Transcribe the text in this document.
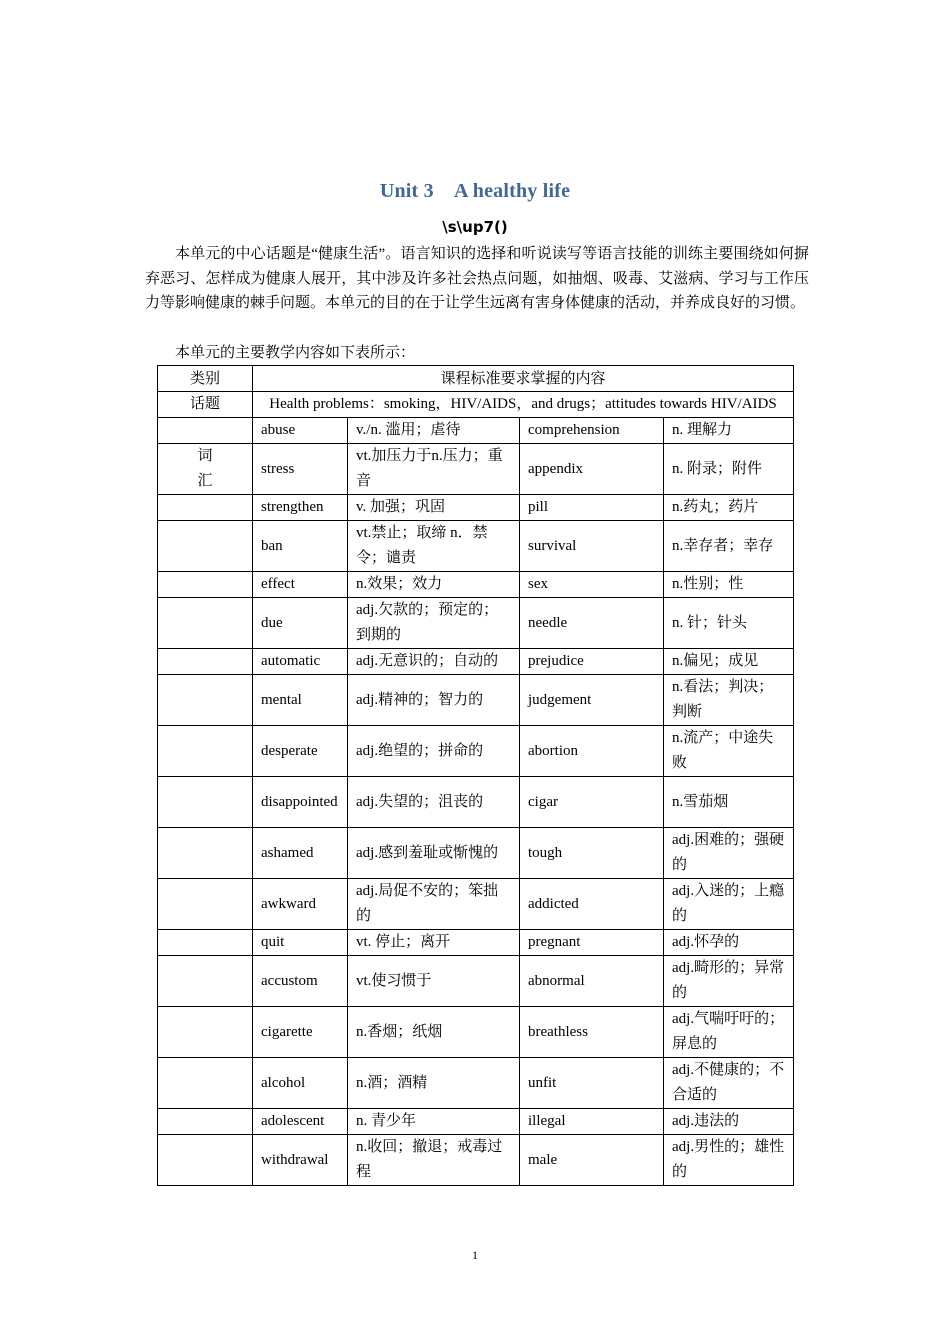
Unit 3　A healthy life
\s\up7()
本单元的中心话题是“健康生活”。语言知识的选择和听说读写等语言技能的训练主要围绕如何摒弃恶习、怎样成为健康人展开，其中涉及许多社会热点问题，如抽烟、吸毒、艾滋病、学习与工作压力等影响健康的棘手问题。本单元的目的在于让学生远离有害身体健康的活动，并养成良好的习惯。
本单元的主要教学内容如下表所示：
类别	课程标准要求掌握的内容			
话题	Health problems：smoking，HIV/AIDS，and drugs；attitudes towards HIV/AIDS			
	abuse	v./n. 滥用；虐待	comprehension	n. 理解力
词汇	stress	vt.加压力于n.压力；重音	appendix	n. 附录；附件
	strengthen	v. 加强；巩固	pill	n.药丸；药片
	ban	vt.禁止；取缔 n．禁令；谴责	survival	n.幸存者；幸存
	effect	n.效果；效力	sex	n.性别；性
	due	adj.欠款的；预定的；到期的	needle	n. 针；针头
	automatic	adj.无意识的；自动的	prejudice	n.偏见；成见
	mental	adj.精神的；智力的	judgement	n.看法；判决；判断
	desperate	adj.绝望的；拼命的	abortion	n.流产；中途失败
	disappointed	adj.失望的；沮丧的	cigar	n.雪茄烟
	ashamed	adj.感到羞耻或惭愧的	tough	adj.困难的；强硬的
	awkward	adj.局促不安的；笨拙的	addicted	adj.入迷的；上瘾的
	quit	vt. 停止；离开	pregnant	adj.怀孕的
	accustom	vt.使习惯于	abnormal	adj.畸形的；异常的
	cigarette	n.香烟；纸烟	breathless	adj.气喘吁吁的；屏息的
	alcohol	n.酒；酒精	unfit	adj.不健康的；不合适的
	adolescent	n. 青少年	illegal	adj.违法的
	withdrawal	n.收回；撤退；戒毒过程	male	adj.男性的；雄性的
1
